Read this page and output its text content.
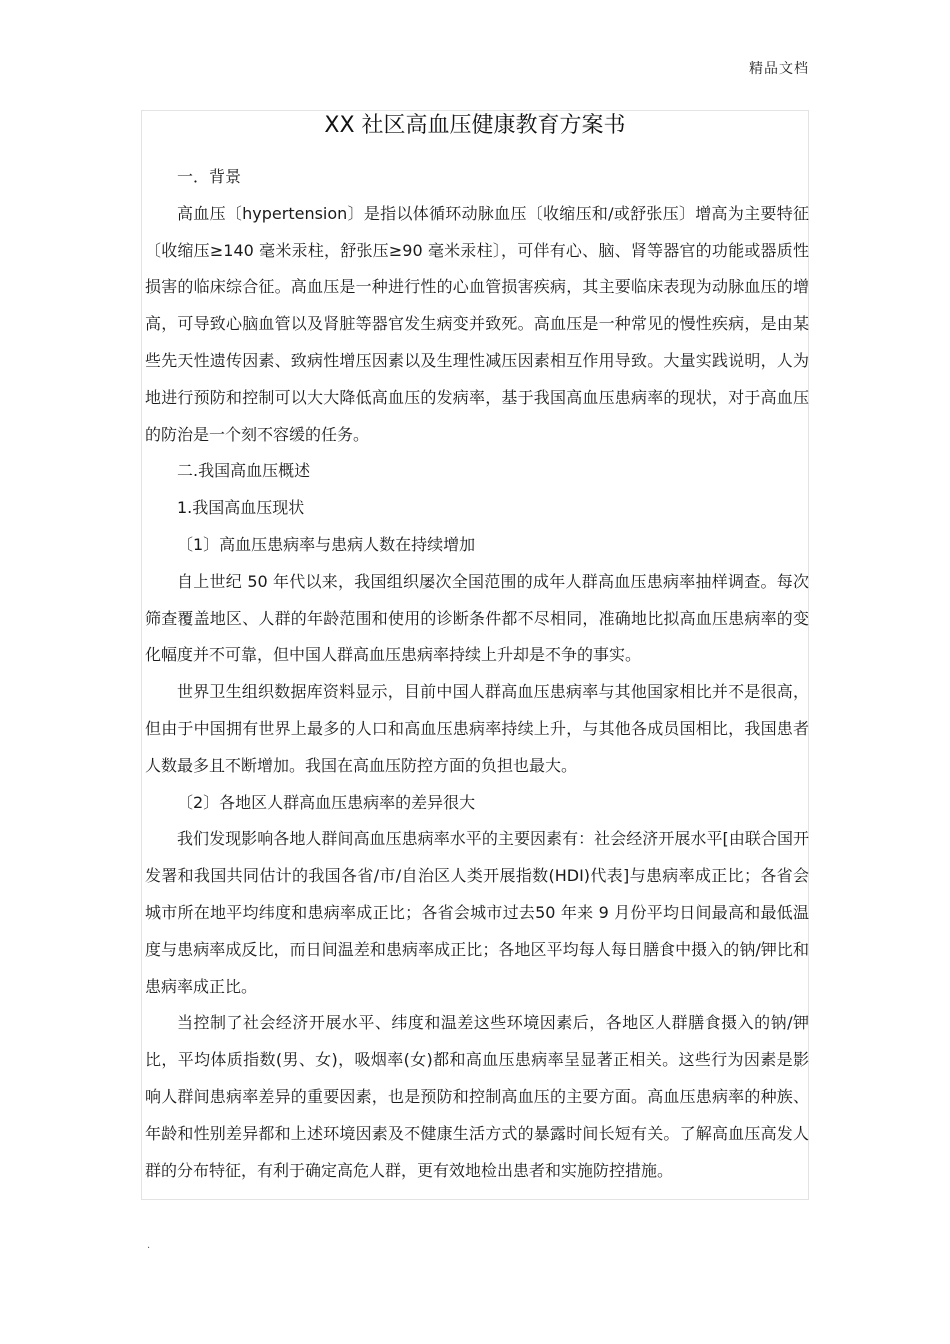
精品文档
XX 社区高血压健康教育方案书

一．背景

高血压〔hypertension〕是指以体循环动脉血压〔收缩压和/或舒张压〕增高为主要特征〔收缩压≥140 毫米汞柱，舒张压≥90 毫米汞柱〕，可伴有心、脑、肾等器官的功能或器质性损害的临床综合征。高血压是一种进行性的心血管损害疾病，其主要临床表现为动脉血压的增高，可导致心脑血管以及肾脏等器官发生病变并致死。高血压是一种常见的慢性疾病，是由某些先天性遗传因素、致病性增压因素以及生理性减压因素相互作用导致。大量实践说明，人为地进行预防和控制可以大大降低高血压的发病率，基于我国高血压患病率的现状，对于高血压的防治是一个刻不容缓的任务。

二.我国高血压概述

1.我国高血压现状

〔1〕高血压患病率与患病人数在持续增加

自上世纪 50 年代以来，我国组织屡次全国范围的成年人群高血压患病率抽样调查。每次筛查覆盖地区、人群的年龄范围和使用的诊断条件都不尽相同，准确地比拟高血压患病率的变化幅度并不可靠，但中国人群高血压患病率持续上升却是不争的事实。

世界卫生组织数据库资料显示，目前中国人群高血压患病率与其他国家相比并不是很高，但由于中国拥有世界上最多的人口和高血压患病率持续上升，与其他各成员国相比，我国患者人数最多且不断增加。我国在高血压防控方面的负担也最大。

〔2〕各地区人群高血压患病率的差异很大

我们发现影响各地人群间高血压患病率水平的主要因素有：社会经济开展水平[由联合国开发署和我国共同估计的我国各省/市/自治区人类开展指数(HDI)代表]与患病率成正比；各省会城市所在地平均纬度和患病率成正比；各省会城市过去50 年来 9 月份平均日间最高和最低温度与患病率成反比，而日间温差和患病率成正比；各地区平均每人每日膳食中摄入的钠/钾比和患病率成正比。

当控制了社会经济开展水平、纬度和温差这些环境因素后，各地区人群膳食摄入的钠/钾比，平均体质指数(男、女)，吸烟率(女)都和高血压患病率呈显著正相关。这些行为因素是影响人群间患病率差异的重要因素，也是预防和控制高血压的主要方面。高血压患病率的种族、年龄和性别差异都和上述环境因素及不健康生活方式的暴露时间长短有关。了解高血压高发人群的分布特征，有利于确定高危人群，更有效地检出患者和实施防控措施。

.
